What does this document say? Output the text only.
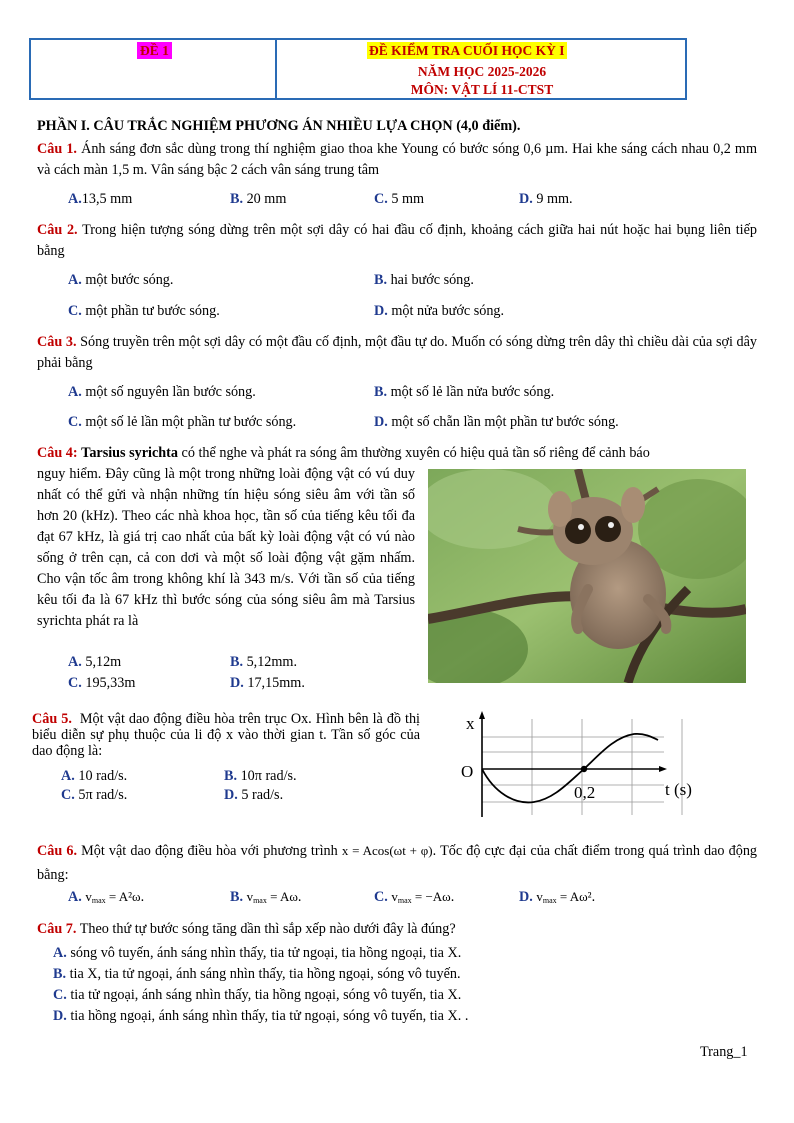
ĐỀ 1	ĐỀ KIỂM TRA CUỐI HỌC KỲ I
NĂM HỌC 2025-2026
MÔN: VẬT LÍ 11-CTST
PHẦN I. CÂU TRẮC NGHIỆM PHƯƠNG ÁN NHIỀU LỰA CHỌN (4,0 điểm).

Câu 1. Ánh sáng đơn sắc dùng trong thí nghiệm giao thoa khe Young có bước sóng 0,6 µm. Hai khe sáng cách nhau 0,2 mm và cách màn 1,5 m. Vân sáng bậc 2 cách vân sáng trung tâm

A.13,5 mm	B. 20 mm	C. 5 mm	D. 9 mm.

Câu 2. Trong hiện tượng sóng dừng trên một sợi dây có hai đầu cố định, khoảng cách giữa hai nút hoặc hai bụng liên tiếp bằng

A. một bước sóng.	B. hai bước sóng.
C. một phần tư bước sóng.	D. một nửa bước sóng.

Câu 3. Sóng truyền trên một sợi dây có một đầu cố định, một đầu tự do. Muốn có sóng dừng trên dây thì chiều dài của sợi dây phải bằng

A. một số nguyên lần bước sóng.	B. một số lẻ lần nửa bước sóng.
C. một số lẻ lần một phần tư bước sóng.	D. một số chẵn lần một phần tư bước sóng.
Câu 4: Tarsius syrichta có thể nghe và phát ra sóng âm thường xuyên có hiệu quả tần số riêng để cảnh báo

nguy hiểm. Đây cũng là một trong những loài động vật có vú duy nhất có thể gửi và nhận những tín hiệu sóng siêu âm với tần số hơn 20 (kHz). Theo các nhà khoa học, tần số của tiếng kêu tối đa đạt 67 kHz, là giá trị cao nhất của bất kỳ loài động vật có vú nào sống ở trên cạn, cả con dơi và một số loài động vật gặm nhấm. Cho vận tốc âm trong không khí là 343 m/s. Với tần số của tiếng kêu tối đa là 67 kHz thì bước sóng của sóng siêu âm mà Tarsius syrichta phát ra là

A. 5,12m	B. 5,12mm.
C. 195,33m	D. 17,15mm.

Câu 5. Một vật dao động điều hòa trên trục Ox. Hình bên là đồ thị biểu diễn sự phụ thuộc của li độ x vào thời gian t. Tần số góc của dao động là:

A. 10 rad/s.	B. 10π rad/s.
C. 5π rad/s.	D. 5 rad/s.
x
O
0,2	t (s)

Câu 6. Một vật dao động điều hòa với phương trình x = Acos(ωt + φ). Tốc độ cực đại của chất điểm trong quá trình dao động bằng:

A. $v_{max} = A^2\omega$.	B. $v_{max} = A\omega$.	C. $v_{max} = -A\omega$.	D. $v_{max} = A\omega^2$.
Câu 7. Theo thứ tự bước sóng tăng dần thì sắp xếp nào dưới đây là đúng?
A. sóng vô tuyến, ánh sáng nhìn thấy, tia tử ngoại, tia hồng ngoại, tia X.
B. tia X, tia tử ngoại, ánh sáng nhìn thấy, tia hồng ngoại, sóng vô tuyến.
C. tia tử ngoại, ánh sáng nhìn thấy, tia hồng ngoại, sóng vô tuyến, tia X.
D. tia hồng ngoại, ánh sáng nhìn thấy, tia tử ngoại, sóng vô tuyến, tia X. .
Trang_1
